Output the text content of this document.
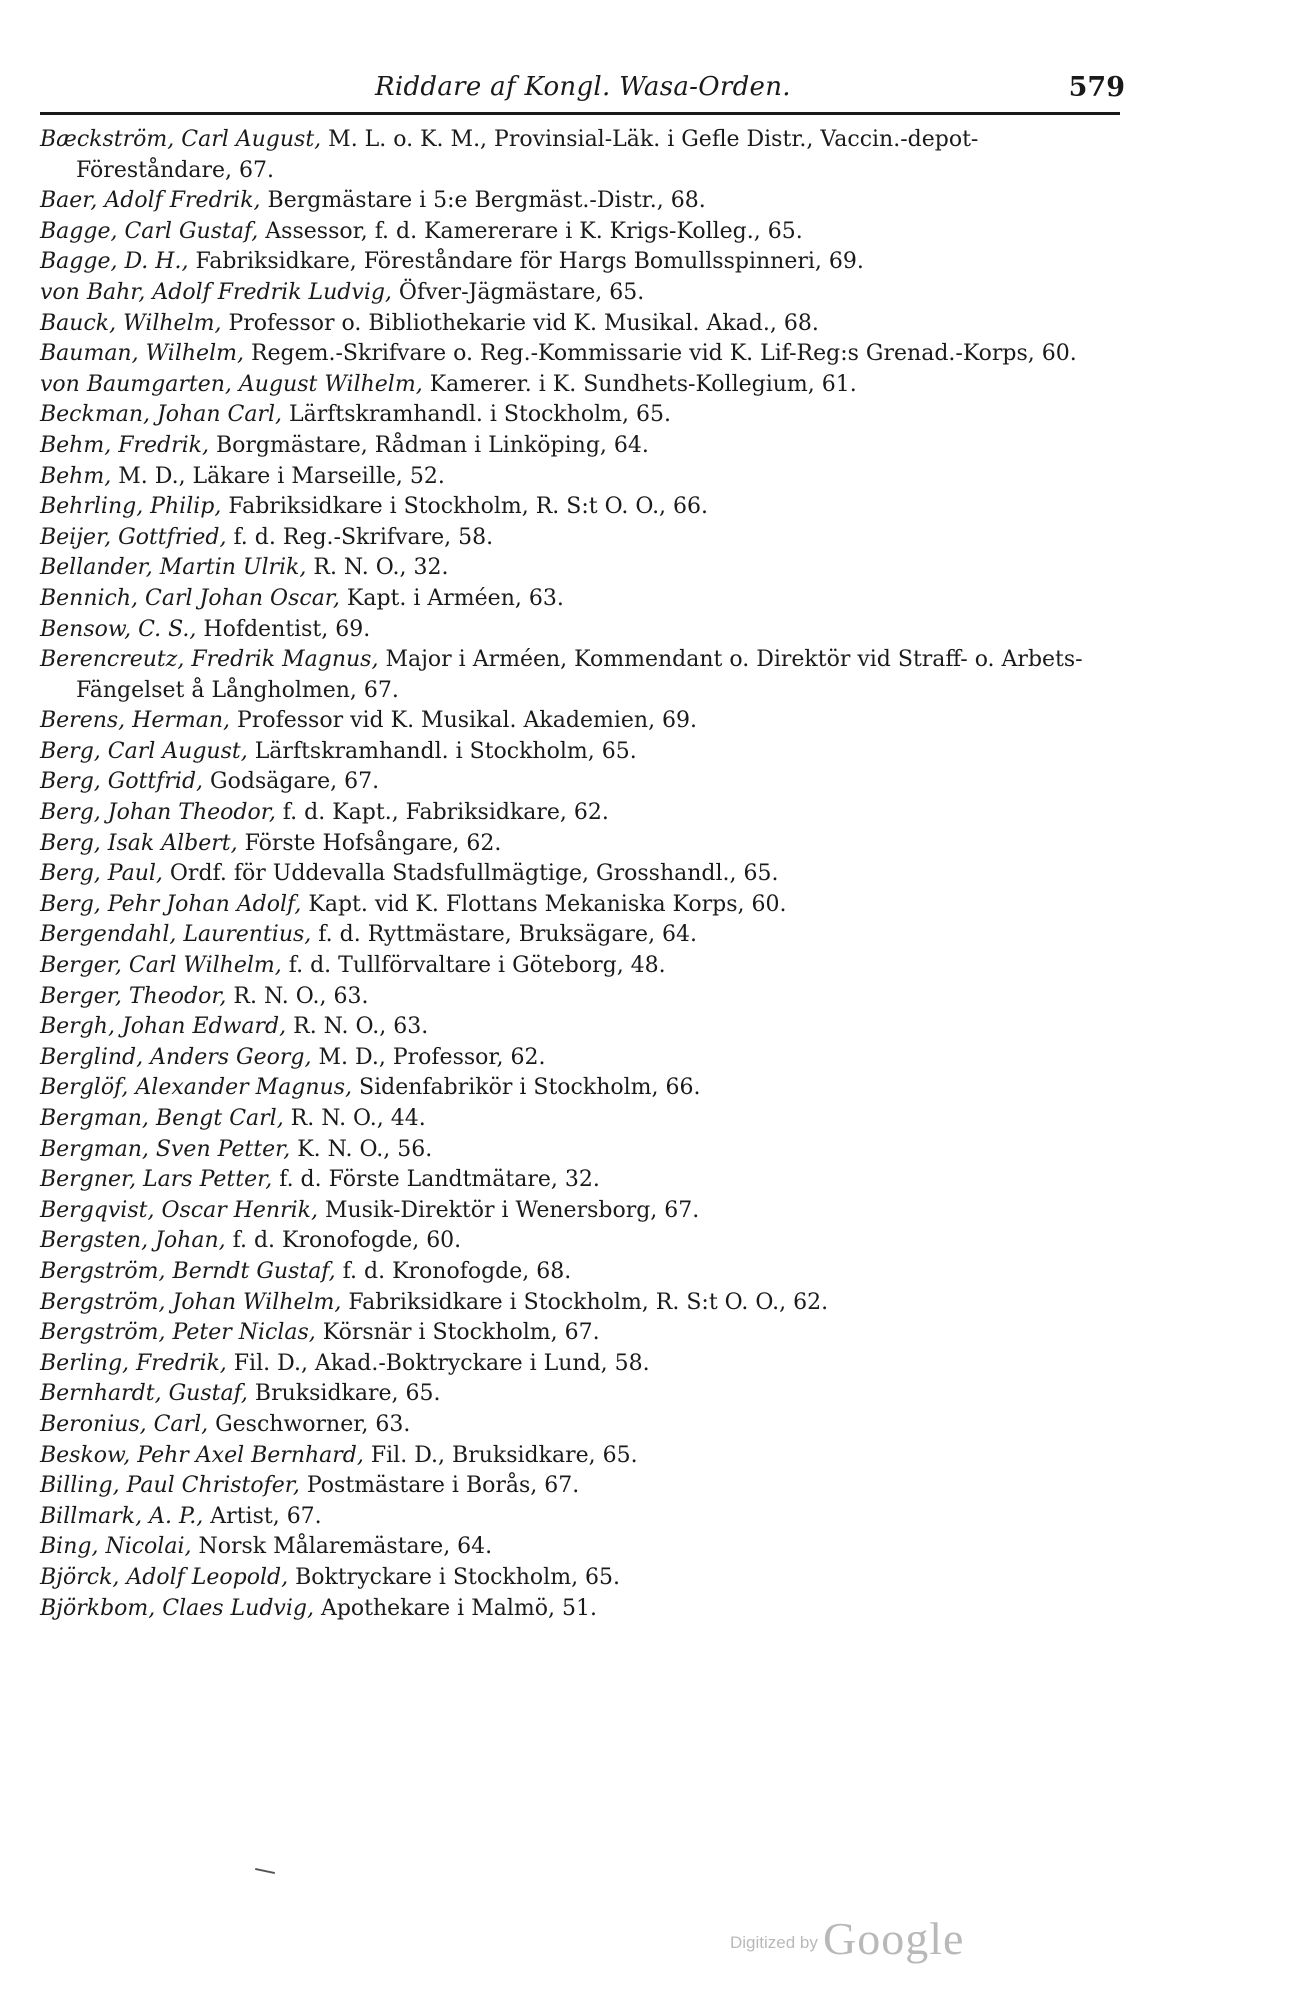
Riddare af Kongl. Wasa-Orden.	579
Bæckström, Carl August, M. L. o. K. M., Provinsial-Läk. i Gefle Distr., Vaccin.-depot-Föreståndare, 67.
Baer, Adolf Fredrik, Bergmästare i 5:e Bergmäst.-Distr., 68.
Bagge, Carl Gustaf, Assessor, f. d. Kamererare i K. Krigs-Kolleg., 65.
Bagge, D. H., Fabriksidkare, Föreståndare för Hargs Bomullsspinneri, 69.
von Bahr, Adolf Fredrik Ludvig, Öfver-Jägmästare, 65.
Bauck, Wilhelm, Professor o. Bibliothekarie vid K. Musikal. Akad., 68.
Bauman, Wilhelm, Regem.-Skrifvare o. Reg.-Kommissarie vid K. Lif-Reg:s Grenad.-Korps, 60.
von Baumgarten, August Wilhelm, Kamerer. i K. Sundhets-Kollegium, 61.
Beckman, Johan Carl, Lärftskramhandl. i Stockholm, 65.
Behm, Fredrik, Borgmästare, Rådman i Linköping, 64.
Behm, M. D., Läkare i Marseille, 52.
Behrling, Philip, Fabriksidkare i Stockholm, R. S:t O. O., 66.
Beijer, Gottfried, f. d. Reg.-Skrifvare, 58.
Bellander, Martin Ulrik, R. N. O., 32.
Bennich, Carl Johan Oscar, Kapt. i Arméen, 63.
Bensow, C. S., Hofdentist, 69.
Berencreutz, Fredrik Magnus, Major i Arméen, Kommendant o. Direktör vid Straff- o. Arbets-Fängelset å Långholmen, 67.
Berens, Herman, Professor vid K. Musikal. Akademien, 69.
Berg, Carl August, Lärftskramhandl. i Stockholm, 65.
Berg, Gottfrid, Godsägare, 67.
Berg, Johan Theodor, f. d. Kapt., Fabriksidkare, 62.
Berg, Isak Albert, Förste Hofsångare, 62.
Berg, Paul, Ordf. för Uddevalla Stadsfullmägtige, Grosshandl., 65.
Berg, Pehr Johan Adolf, Kapt. vid K. Flottans Mekaniska Korps, 60.
Bergendahl, Laurentius, f. d. Ryttmästare, Bruksägare, 64.
Berger, Carl Wilhelm, f. d. Tullförvaltare i Göteborg, 48.
Berger, Theodor, R. N. O., 63.
Bergh, Johan Edward, R. N. O., 63.
Berglind, Anders Georg, M. D., Professor, 62.
Berglöf, Alexander Magnus, Sidenfabrikör i Stockholm, 66.
Bergman, Bengt Carl, R. N. O., 44.
Bergman, Sven Petter, K. N. O., 56.
Bergner, Lars Petter, f. d. Förste Landtmätare, 32.
Bergqvist, Oscar Henrik, Musik-Direktör i Wenersborg, 67.
Bergsten, Johan, f. d. Kronofogde, 60.
Bergström, Berndt Gustaf, f. d. Kronofogde, 68.
Bergström, Johan Wilhelm, Fabriksidkare i Stockholm, R. S:t O. O., 62.
Bergström, Peter Niclas, Körsnär i Stockholm, 67.
Berling, Fredrik, Fil. D., Akad.-Boktryckare i Lund, 58.
Bernhardt, Gustaf, Bruksidkare, 65.
Beronius, Carl, Geschworner, 63.
Beskow, Pehr Axel Bernhard, Fil. D., Bruksidkare, 65.
Billing, Paul Christofer, Postmästare i Borås, 67.
Billmark, A. P., Artist, 67.
Bing, Nicolai, Norsk Målaremästare, 64.
Björck, Adolf Leopold, Boktryckare i Stockholm, 65.
Björkbom, Claes Ludvig, Apothekare i Malmö, 51.
Digitized by Google
